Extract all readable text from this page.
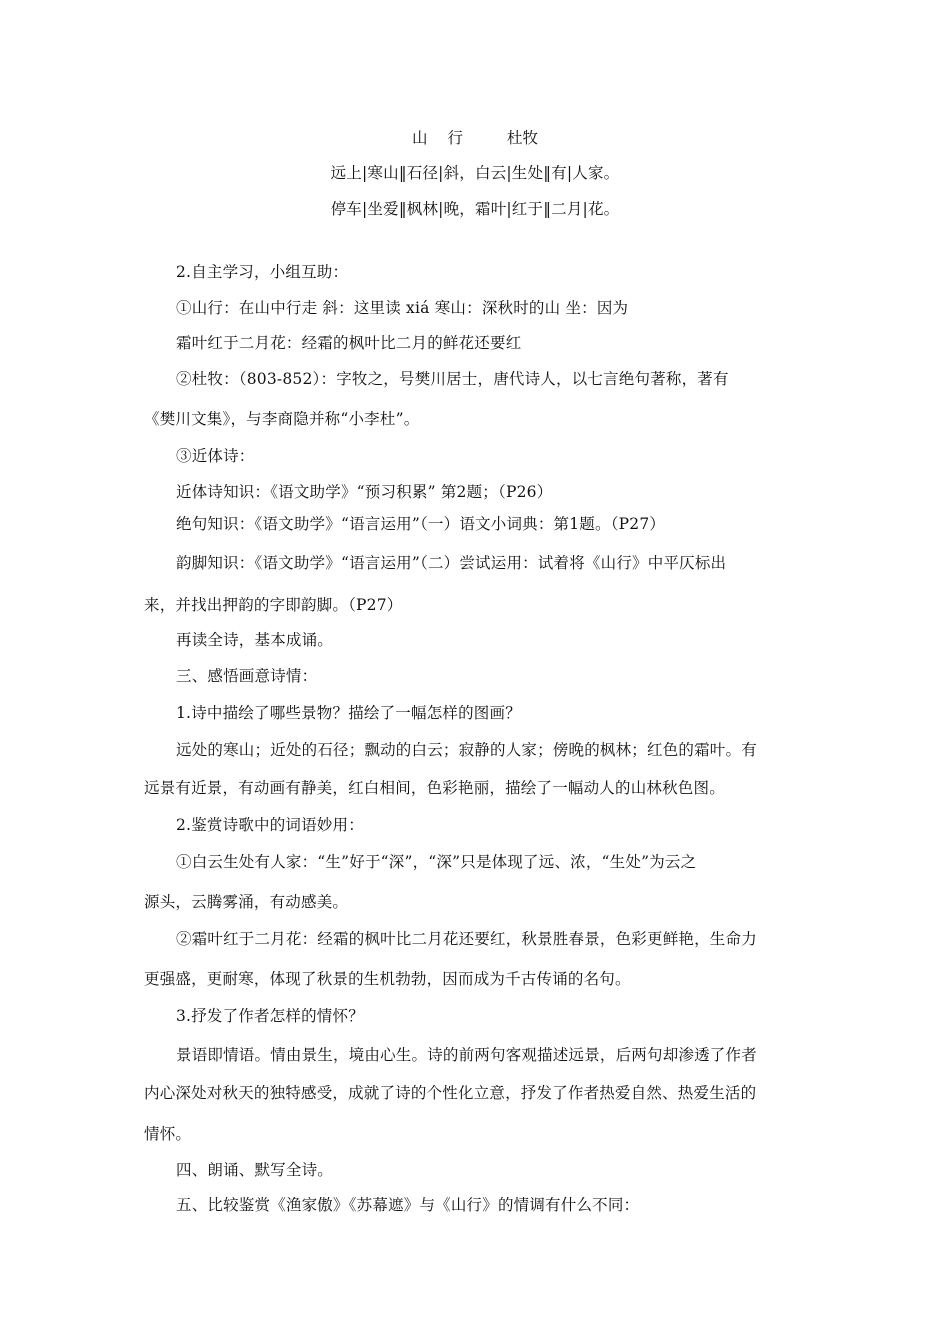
山 行	杜牧
远上|寒山‖石径|斜，白云|生处‖有|人家。
停车|坐爱‖枫林|晚，霜叶|红于‖二月|花。
2.自主学习，小组互助：
①山行：在山中行走 斜：这里读 xiá 寒山：深秋时的山 坐：因为
霜叶红于二月花：经霜的枫叶比二月的鲜花还要红
②杜牧：（803-852）：字牧之，号樊川居士，唐代诗人，以七言绝句著称，著有
《樊川文集》，与李商隐并称“小李杜”。
③近体诗：
近体诗知识：《语文助学》“预习积累” 第2题；（P26）
绝句知识：《语文助学》“语言运用”（一）语文小词典：第1题。（P27）
韵脚知识：《语文助学》“语言运用”（二）尝试运用：试着将《山行》中平仄标出
来，并找出押韵的字即韵脚。（P27）
再读全诗，基本成诵。
三、感悟画意诗情：
1.诗中描绘了哪些景物？描绘了一幅怎样的图画？
远处的寒山；近处的石径；飘动的白云；寂静的人家；傍晚的枫林；红色的霜叶。有
远景有近景，有动画有静美，红白相间，色彩艳丽，描绘了一幅动人的山林秋色图。
2.鉴赏诗歌中的词语妙用：
①白云生处有人家：“生”好于“深”，“深”只是体现了远、浓，“生处”为云之
源头，云腾雾涌，有动感美。
②霜叶红于二月花：经霜的枫叶比二月花还要红，秋景胜春景，色彩更鲜艳，生命力
更强盛，更耐寒，体现了秋景的生机勃勃，因而成为千古传诵的名句。
3.抒发了作者怎样的情怀？
景语即情语。情由景生，境由心生。诗的前两句客观描述远景，后两句却渗透了作者
内心深处对秋天的独特感受，成就了诗的个性化立意，抒发了作者热爱自然、热爱生活的
情怀。
四、朗诵、默写全诗。
五、比较鉴赏《渔家傲》《苏幕遮》与《山行》的情调有什么不同：
